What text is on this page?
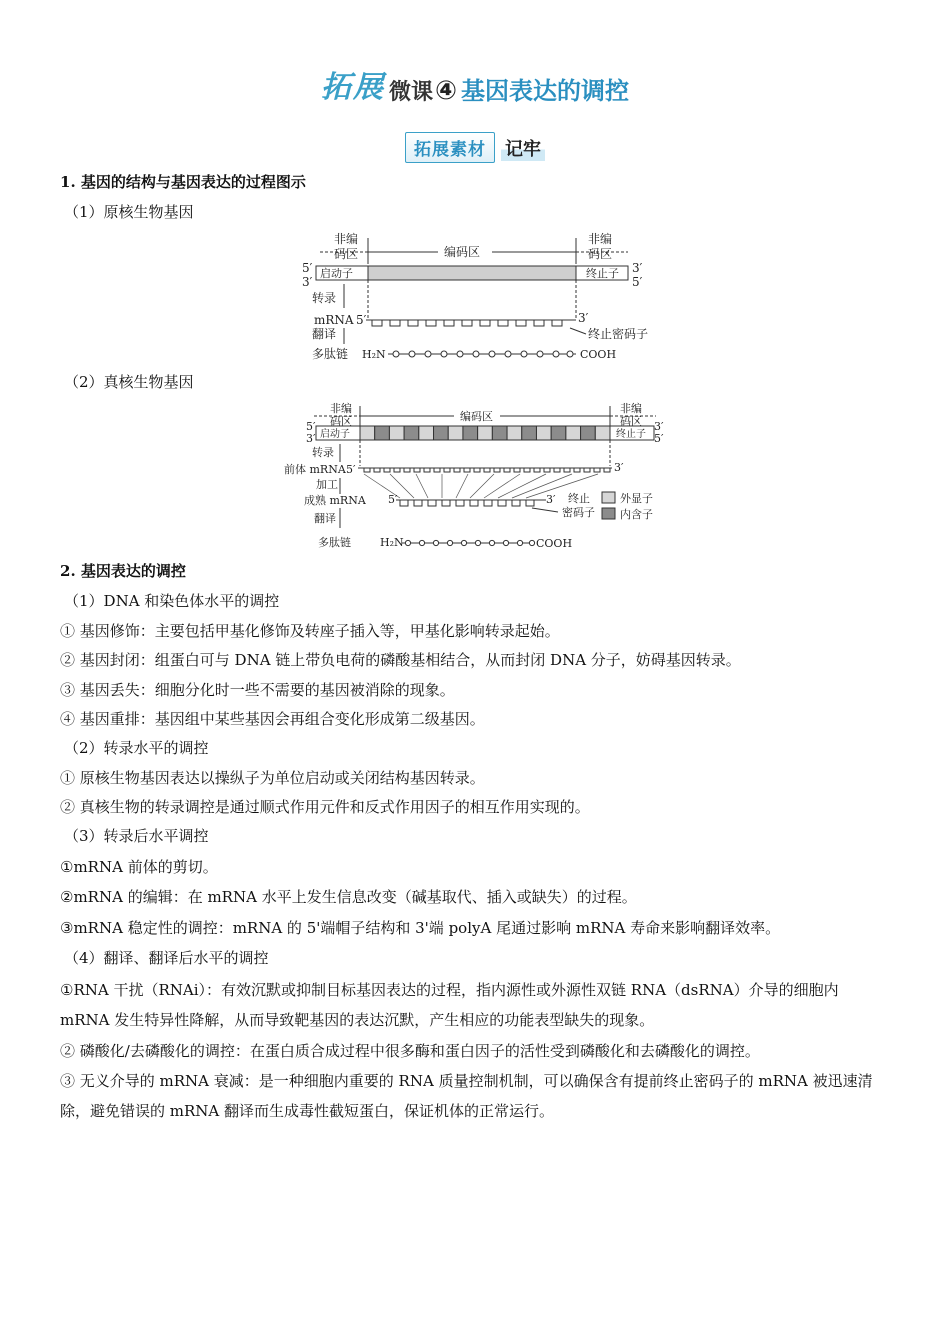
拓展 微课④ 基因表达的调控
拓展素材 记牢
1. 基因的结构与基因表达的过程图示
（1）原核生物基因
非编
码区
非编
码区
编码区
5′
3′
3′
5′
启动子	终止子
转录
mRNA 5′	3′
终止密码子
翻译
多肽链 H₂N	COOH
（2）真核生物基因
非编
码区
非编
码区
编码区
5′
3′
3′
5′
启动子	终止子
转录
前体 mRNA 5′	3′
加工
成熟 mRNA 5′	3′ 终止
密码子
外显子
内含子
翻译
多肽链	H₂N	COOH
2. 基因表达的调控
（1）DNA 和染色体水平的调控
① 基因修饰：主要包括甲基化修饰及转座子插入等，甲基化影响转录起始。
② 基因封闭：组蛋白可与 DNA 链上带负电荷的磷酸基相结合，从而封闭 DNA 分子，妨碍基因转录。
③ 基因丢失：细胞分化时一些不需要的基因被消除的现象。
④ 基因重排：基因组中某些基因会再组合变化形成第二级基因。
（2）转录水平的调控
① 原核生物基因表达以操纵子为单位启动或关闭结构基因转录。
② 真核生物的转录调控是通过顺式作用元件和反式作用因子的相互作用实现的。
（3）转录后水平调控
①mRNA 前体的剪切。
②mRNA 的编辑：在 mRNA 水平上发生信息改变（碱基取代、插入或缺失）的过程。
③mRNA 稳定性的调控：mRNA 的 5'端帽子结构和 3'端 polyA 尾通过影响 mRNA 寿命来影响翻译效率。
（4）翻译、翻译后水平的调控
①RNA 干扰（RNAi）：有效沉默或抑制目标基因表达的过程，指内源性或外源性双链 RNA（dsRNA）介导的细胞内 mRNA 发生特异性降解，从而导致靶基因的表达沉默，产生相应的功能表型缺失的现象。
② 磷酸化/去磷酸化的调控：在蛋白质合成过程中很多酶和蛋白因子的活性受到磷酸化和去磷酸化的调控。
③ 无义介导的 mRNA 衰减：是一种细胞内重要的 RNA 质量控制机制，可以确保含有提前终止密码子的 mRNA 被迅速清除，避免错误的 mRNA 翻译而生成毒性截短蛋白，保证机体的正常运行。
